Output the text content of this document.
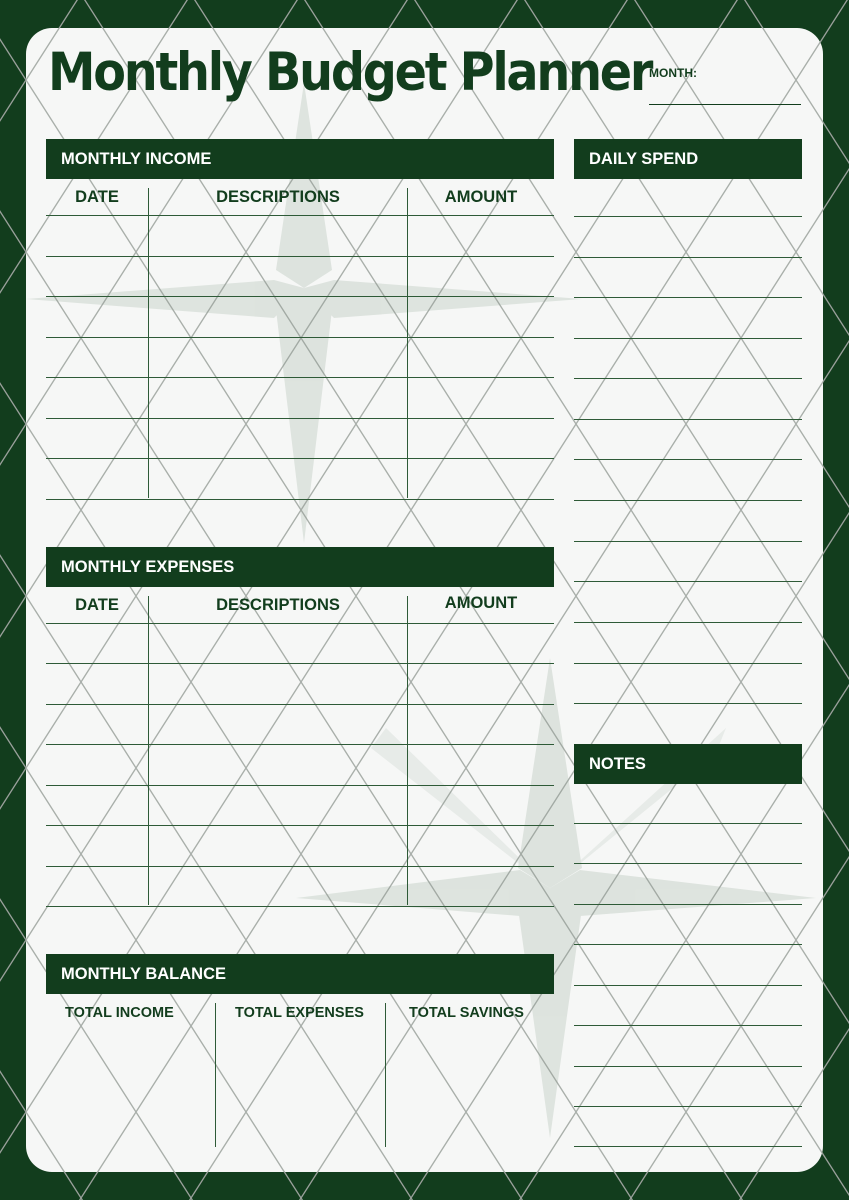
Monthly Budget Planner
MONTH:
MONTHLY INCOME
DATE	DESCRIPTIONS	AMOUNT
MONTHLY EXPENSES
DATE	DESCRIPTIONS	AMOUNT
MONTHLY BALANCE
TOTAL INCOME	TOTAL EXPENSES	TOTAL SAVINGS
DAILY SPEND
NOTES
